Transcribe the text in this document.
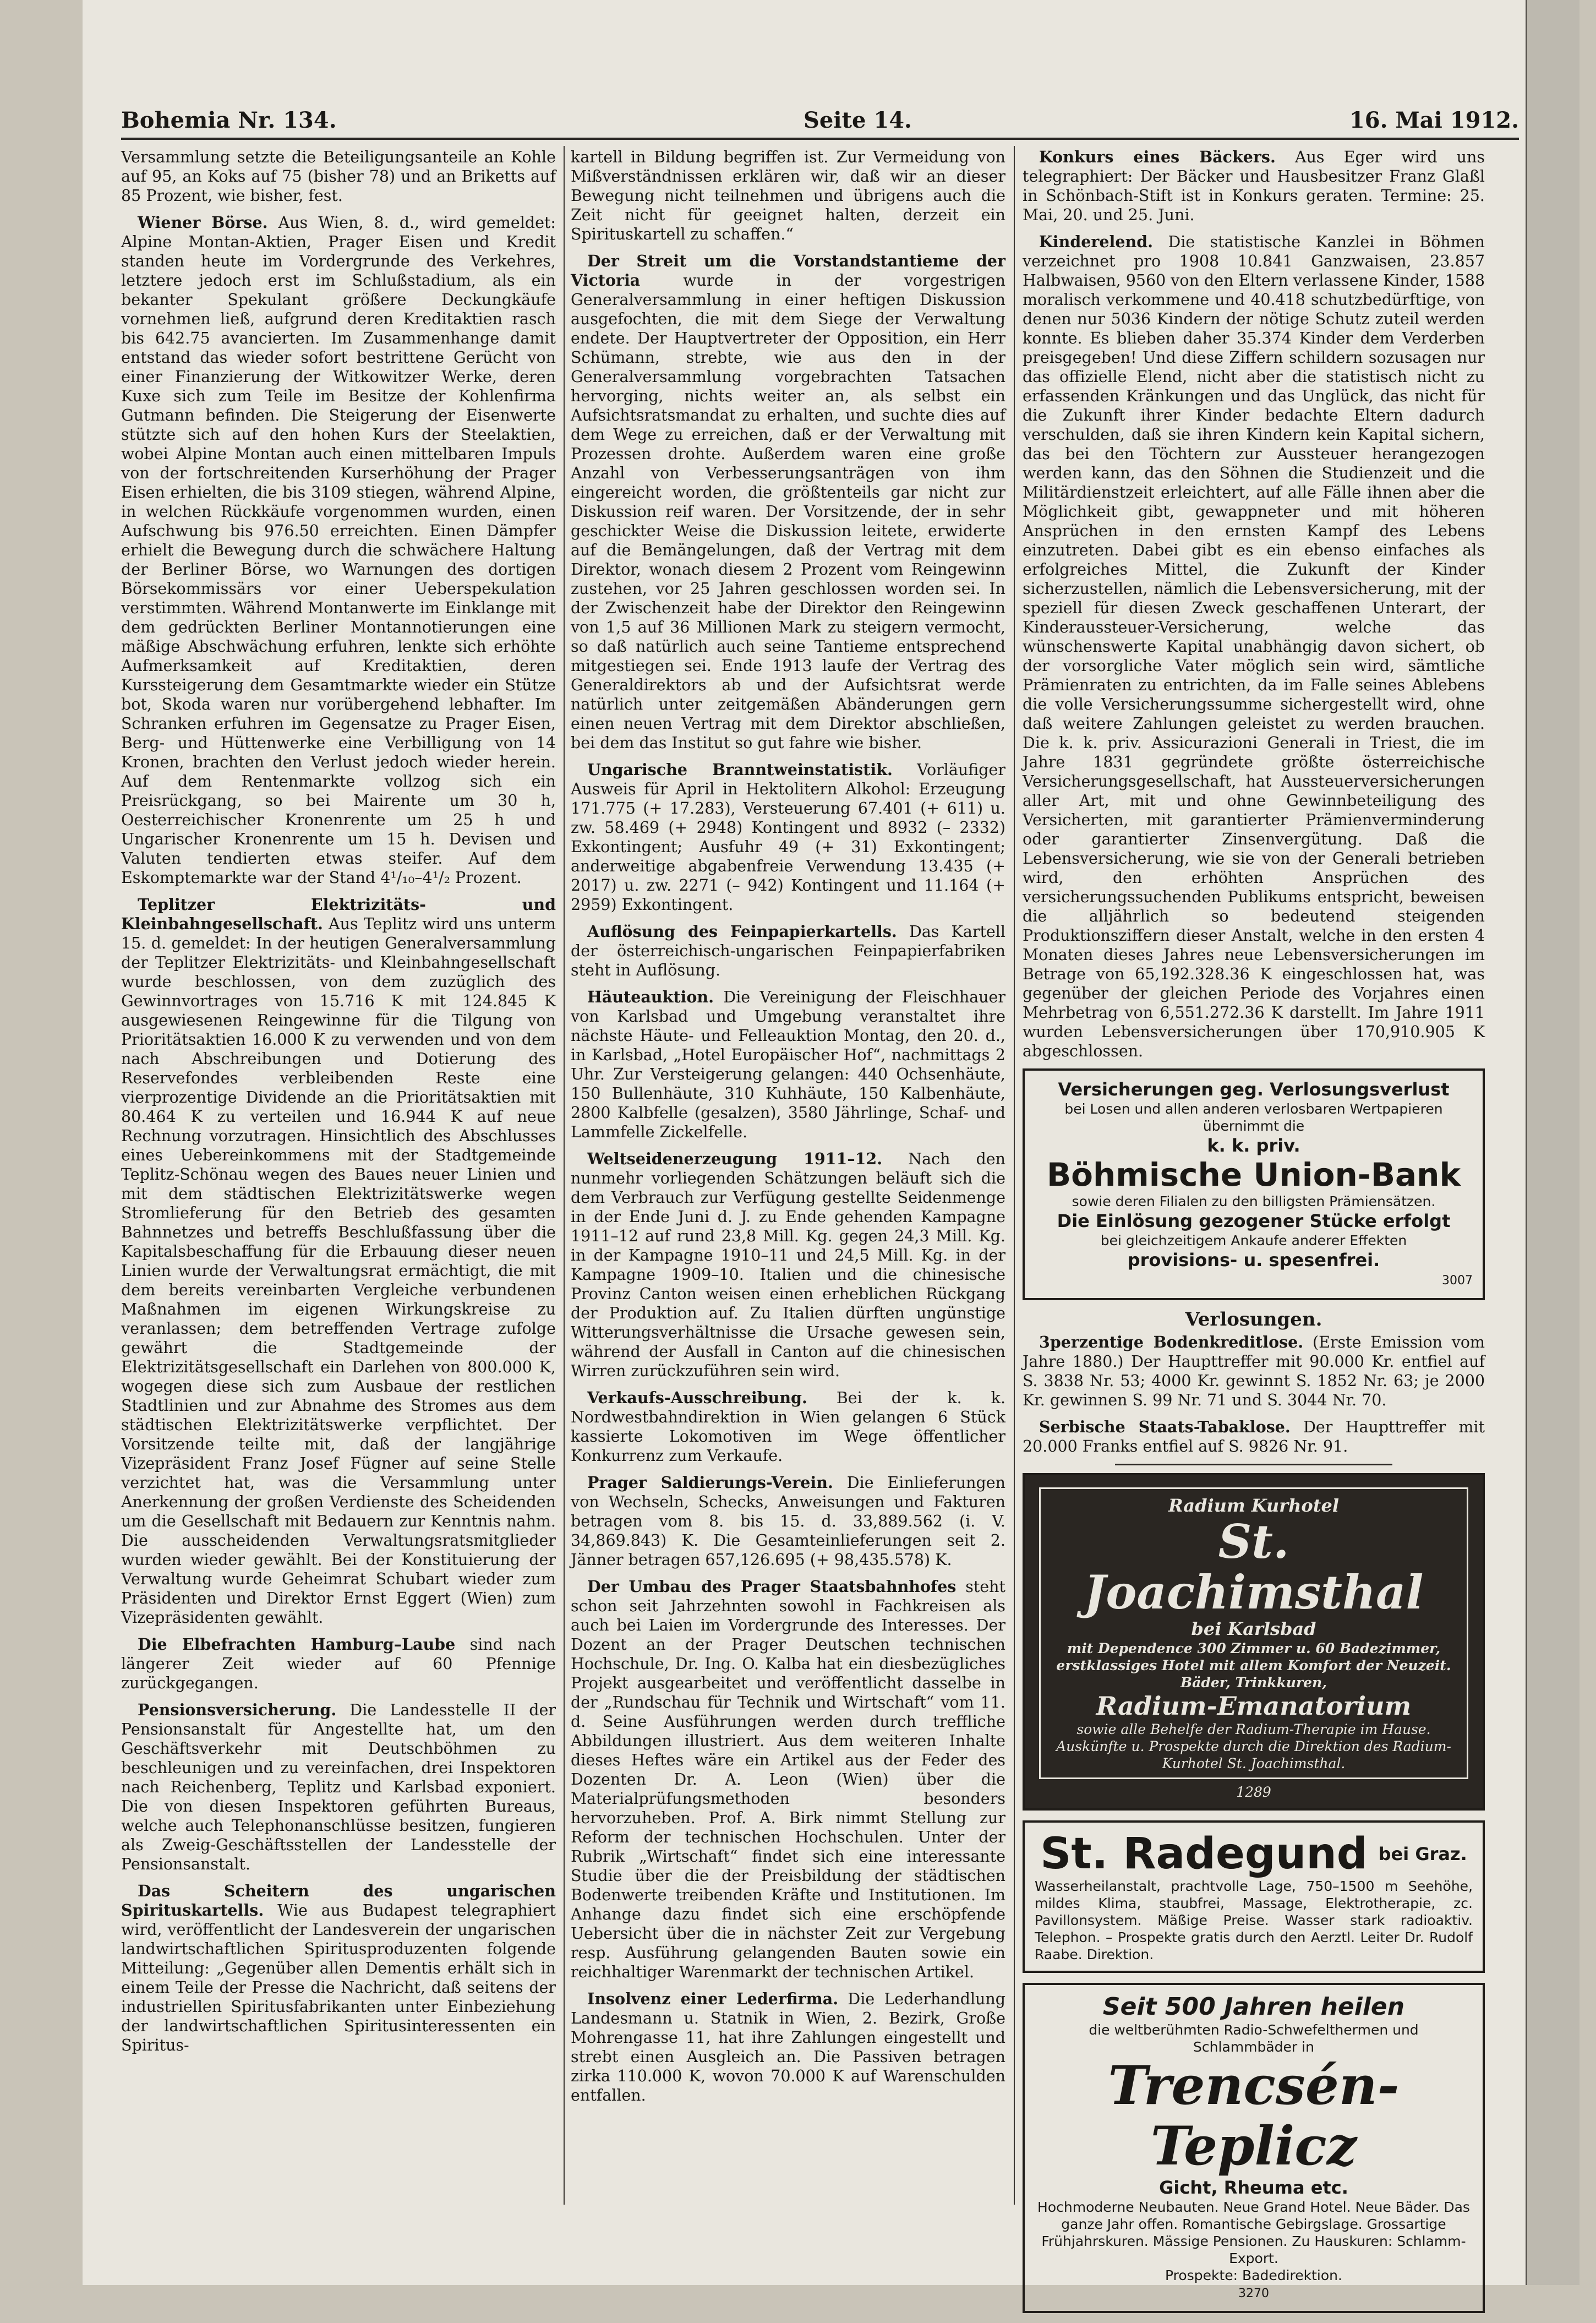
Bohemia Nr. 134.	Seite 14.	16. Mai 1912.

Versammlung setzte die Beteiligungsanteile an Kohle auf 95, an Koks auf 75 (bisher 78) und an Briketts auf 85 Prozent, wie bisher, fest.

Wiener Börse. Aus Wien, 8. d., wird gemeldet: Alpine Montan-Aktien, Prager Eisen und Kredit standen heute im Vordergrunde des Verkehres, letztere jedoch erst im Schlußstadium, als ein bekanter Spekulant größere Deckungkäufe vornehmen ließ, aufgrund deren Kreditaktien rasch bis 642.75 avancierten. Im Zusammenhange damit entstand das wieder sofort bestrittene Gerücht von einer Finanzierung der Witkowitzer Werke, deren Kuxe sich zum Teile im Besitze der Kohlenfirma Gutmann befinden. Die Steigerung der Eisenwerte stützte sich auf den hohen Kurs der Steelaktien, wobei Alpine Montan auch einen mittelbaren Impuls von der fortschreitenden Kurserhöhung der Prager Eisen erhielten, die bis 3109 stiegen, während Alpine, in welchen Rückkäufe vorgenommen wurden, einen Aufschwung bis 976.50 erreichten. Einen Dämpfer erhielt die Bewegung durch die schwächere Haltung der Berliner Börse, wo Warnungen des dortigen Börsekommissärs vor einer Ueberspekulation verstimmten. Während Montanwerte im Einklange mit dem gedrückten Berliner Montannotierungen eine mäßige Abschwächung erfuhren, lenkte sich erhöhte Aufmerksamkeit auf Kreditaktien, deren Kurssteigerung dem Gesamtmarkte wieder ein Stütze bot, Skoda waren nur vorübergehend lebhafter. Im Schranken erfuhren im Gegensatze zu Prager Eisen, Berg- und Hüttenwerke eine Verbilligung von 14 Kronen, brachten den Verlust jedoch wieder herein. Auf dem Rentenmarkte vollzog sich ein Preisrückgang, so bei Mairente um 30 h, Oesterreichischer Kronenrente um 25 h und Ungarischer Kronenrente um 15 h. Devisen und Valuten tendierten etwas steifer. Auf dem Eskomptemarkte war der Stand 4¹/₁₀–4¹/₂ Prozent.

Teplitzer Elektrizitäts- und Kleinbahngesellschaft. Aus Teplitz wird uns unterm 15. d. gemeldet: In der heutigen Generalversammlung der Teplitzer Elektrizitäts- und Kleinbahngesellschaft wurde beschlossen, von dem zuzüglich des Gewinnvortrages von 15.716 K mit 124.845 K ausgewiesenen Reingewinne für die Tilgung von Prioritätsaktien 16.000 K zu verwenden und von dem nach Abschreibungen und Dotierung des Reservefondes verbleibenden Reste eine vierprozentige Dividende an die Prioritätsaktien mit 80.464 K zu verteilen und 16.944 K auf neue Rechnung vorzutragen. Hinsichtlich des Abschlusses eines Uebereinkommens mit der Stadtgemeinde Teplitz-Schönau wegen des Baues neuer Linien und mit dem städtischen Elektrizitätswerke wegen Stromlieferung für den Betrieb des gesamten Bahnnetzes und betreffs Beschlußfassung über die Kapitalsbeschaffung für die Erbauung dieser neuen Linien wurde der Verwaltungsrat ermächtigt, die mit dem bereits vereinbarten Vergleiche verbundenen Maßnahmen im eigenen Wirkungskreise zu veranlassen; dem betreffenden Vertrage zufolge gewährt die Stadtgemeinde der Elektrizitätsgesellschaft ein Darlehen von 800.000 K, wogegen diese sich zum Ausbaue der restlichen Stadtlinien und zur Abnahme des Stromes aus dem städtischen Elektrizitätswerke verpflichtet. Der Vorsitzende teilte mit, daß der langjährige Vizepräsident Franz Josef Fügner auf seine Stelle verzichtet hat, was die Versammlung unter Anerkennung der großen Verdienste des Scheidenden um die Gesellschaft mit Bedauern zur Kenntnis nahm. Die ausscheidenden Verwaltungsratsmitglieder wurden wieder gewählt. Bei der Konstituierung der Verwaltung wurde Geheimrat Schubart wieder zum Präsidenten und Direktor Ernst Eggert (Wien) zum Vizepräsidenten gewählt.

Die Elbefrachten Hamburg–Laube sind nach längerer Zeit wieder auf 60 Pfennige zurückgegangen.

Pensionsversicherung. Die Landesstelle II der Pensionsanstalt für Angestellte hat, um den Geschäftsverkehr mit Deutschböhmen zu beschleunigen und zu vereinfachen, drei Inspektoren nach Reichenberg, Teplitz und Karlsbad exponiert. Die von diesen Inspektoren geführten Bureaus, welche auch Telephonanschlüsse besitzen, fungieren als Zweig-Geschäftsstellen der Landesstelle der Pensionsanstalt.

Das Scheitern des ungarischen Spirituskartells. Wie aus Budapest telegraphiert wird, veröffentlicht der Landesverein der ungarischen landwirtschaftlichen Spiritusproduzenten folgende Mitteilung: „Gegenüber allen Dementis erhält sich in einem Teile der Presse die Nachricht, daß seitens der industriellen Spiritusfabrikanten unter Einbeziehung der landwirtschaftlichen Spiritusinteressenten ein Spiritus-

kartell in Bildung begriffen ist. Zur Vermeidung von Mißverständnissen erklären wir, daß wir an dieser Bewegung nicht teilnehmen und übrigens auch die Zeit nicht für geeignet halten, derzeit ein Spirituskartell zu schaffen.“

Der Streit um die Vorstandstantieme der Victoria	wurde in der vorgestrigen Generalversammlung in einer heftigen Diskussion ausgefochten, die mit dem Siege der Verwaltung endete. Der Hauptvertreter der Opposition, ein Herr Schümann, strebte, wie aus den in der Generalversammlung vorgebrachten Tatsachen hervorging, nichts weiter an, als selbst ein Aufsichtsratsmandat zu erhalten, und suchte dies auf dem Wege zu erreichen, daß er der Verwaltung mit Prozessen drohte. Außerdem waren eine große Anzahl von Verbesserungsanträgen von ihm eingereicht worden, die größtenteils gar nicht zur Diskussion reif waren. Der Vorsitzende, der in sehr geschickter Weise die Diskussion leitete, erwiderte auf die Bemängelungen, daß der Vertrag mit dem Direktor, wonach diesem 2 Prozent vom Reingewinn zustehen, vor 25 Jahren geschlossen worden sei. In der Zwischenzeit habe der Direktor den Reingewinn von 1,5 auf 36 Millionen Mark zu steigern vermocht, so daß natürlich auch seine Tantieme entsprechend mitgestiegen sei. Ende 1913 laufe der Vertrag des Generaldirektors ab und der Aufsichtsrat werde natürlich unter zeitgemäßen Abänderungen gern einen neuen Vertrag mit dem Direktor abschließen, bei dem das Institut so gut fahre wie bisher.

Ungarische Branntweinstatistik. Vorläufiger Ausweis für April in Hektolitern Alkohol: Erzeugung 171.775 (+ 17.283), Versteuerung 67.401 (+ 611) u. zw. 58.469 (+ 2948) Kontingent und 8932 (– 2332) Exkontingent; Ausfuhr 49 (+ 31) Exkontingent; anderweitige abgabenfreie Verwendung 13.435 (+ 2017) u. zw. 2271 (– 942) Kontingent und 11.164 (+ 2959) Exkontingent.

Auflösung des Feinpapierkartells. Das Kartell der österreichisch-ungarischen Feinpapierfabriken steht in Auflösung.

Häuteauktion. Die Vereinigung der Fleischhauer von Karlsbad und Umgebung veranstaltet ihre nächste Häute- und Felleauktion Montag, den 20. d., in Karlsbad, „Hotel Europäischer Hof“, nachmittags 2 Uhr. Zur Versteigerung gelangen: 440 Ochsenhäute, 150 Bullenhäute, 310 Kuhhäute, 150 Kalbenhäute, 2800 Kalbfelle (gesalzen), 3580 Jährlinge, Schaf- und Lammfelle Zickelfelle.

Weltseidenerzeugung 1911–12. Nach den nunmehr vorliegenden Schätzungen beläuft sich die dem Verbrauch zur Verfügung gestellte Seidenmenge in der Ende Juni d. J. zu Ende gehenden Kampagne 1911–12 auf rund 23,8 Mill. Kg. gegen 24,3 Mill. Kg. in der Kampagne 1910–11 und 24,5 Mill. Kg. in der Kampagne 1909–10. Italien und die chinesische Provinz Canton weisen einen erheblichen Rückgang der Produktion auf. Zu Italien dürften ungünstige Witterungsverhältnisse die Ursache gewesen sein, während der Ausfall in Canton auf die chinesischen Wirren zurückzuführen sein wird.

Verkaufs-Ausschreibung. Bei der k. k. Nordwestbahndirektion in Wien gelangen 6 Stück kassierte Lokomotiven im Wege öffentlicher Konkurrenz zum Verkaufe.

Prager Saldierungs-Verein. Die Einlieferungen von Wechseln, Schecks, Anweisungen und Fakturen betragen vom 8. bis 15. d. 33,889.562 (i. V. 34,869.843) K. Die Gesamteinlieferungen seit 2. Jänner betragen 657,126.695 (+ 98,435.578) K.

Der Umbau des Prager Staatsbahnhofes steht schon seit Jahrzehnten sowohl in Fachkreisen als auch bei Laien im Vordergrunde des Interesses. Der Dozent an der Prager Deutschen technischen Hochschule, Dr. Ing. O. Kalba hat ein diesbezügliches Projekt ausgearbeitet und veröffentlicht dasselbe in der „Rundschau für Technik und Wirtschaft“ vom 11. d. Seine Ausführungen werden durch treffliche Abbildungen illustriert. Aus dem weiteren Inhalte dieses Heftes wäre ein Artikel aus der Feder des Dozenten Dr. A. Leon (Wien) über die Materialprüfungsmethoden besonders hervorzuheben. Prof. A. Birk nimmt Stellung zur Reform der technischen Hochschulen. Unter der Rubrik „Wirtschaft“ findet sich eine interessante Studie über die der Preisbildung der städtischen Bodenwerte treibenden Kräfte und Institutionen. Im Anhange dazu findet sich eine erschöpfende Uebersicht über die in nächster Zeit zur Vergebung resp. Ausführung gelangenden Bauten sowie ein reichhaltiger Warenmarkt der technischen Artikel.

Insolvenz einer Lederfirma. Die Lederhandlung Landesmann u. Statnik in Wien, 2. Bezirk, Große Mohrengasse 11, hat ihre Zahlungen eingestellt und strebt einen Ausgleich an. Die Passiven betragen zirka 110.000 K, wovon 70.000 K auf Warenschulden entfallen.

Konkurs eines Bäckers. Aus Eger wird uns telegraphiert: Der Bäcker und Hausbesitzer Franz Glaßl in Schönbach-Stift ist in Konkurs geraten. Termine: 25. Mai, 20. und 25. Juni.

Kinderelend. Die statistische Kanzlei in Böhmen verzeichnet pro 1908 10.841 Ganzwaisen, 23.857 Halbwaisen, 9560 von den Eltern verlassene Kinder, 1588 moralisch verkommene und 40.418 schutzbedürftige, von denen nur 5036 Kindern der nötige Schutz zuteil werden konnte. Es blieben daher 35.374 Kinder dem Verderben preisgegeben! Und diese Ziffern schildern sozusagen nur das offizielle Elend, nicht aber die statistisch nicht zu erfassenden Kränkungen und das Unglück, das nicht für die Zukunft ihrer Kinder bedachte Eltern dadurch verschulden, daß sie ihren Kindern kein Kapital sichern, das bei den Töchtern zur Aussteuer herangezogen werden kann, das den Söhnen die Studienzeit und die Militärdienstzeit erleichtert, auf alle Fälle ihnen aber die Möglichkeit gibt, gewappneter und mit höheren Ansprüchen in den ernsten Kampf des Lebens einzutreten. Dabei gibt es ein ebenso einfaches als erfolgreiches Mittel, die Zukunft der Kinder sicherzustellen, nämlich die Lebensversicherung, mit der speziell für diesen Zweck geschaffenen Unterart, der Kinderaussteuer-Versicherung, welche das wünschenswerte Kapital unabhängig davon sichert, ob der vorsorgliche Vater möglich sein wird, sämtliche Prämienraten zu entrichten, da im Falle seines Ablebens die volle Versicherungssumme sichergestellt wird, ohne daß weitere Zahlungen geleistet zu werden brauchen. Die k. k. priv. Assicurazioni Generali in Triest, die im Jahre 1831 gegründete größte österreichische Versicherungsgesellschaft, hat Aussteuerversicherungen aller Art, mit und ohne Gewinnbeteiligung des Versicherten, mit garantierter Prämienverminderung oder garantierter Zinsenvergütung. Daß die Lebensversicherung, wie sie von der Generali betrieben wird, den erhöhten Ansprüchen des versicherungssuchenden Publikums entspricht, beweisen die alljährlich so bedeutend steigenden Produktionsziffern dieser Anstalt, welche in den ersten 4 Monaten dieses Jahres neue Lebensversicherungen im Betrage von 65,192.328.36 K eingeschlossen hat, was gegenüber der gleichen Periode des Vorjahres einen Mehrbetrag von 6,551.272.36 K darstellt. Im Jahre 1911 wurden Lebensversicherungen über 170,910.905 K abgeschlossen.

Versicherungen geg. Verlosungsverlust
bei Losen und allen anderen verlosbaren Wertpapieren übernimmt die
k. k. priv.
Böhmische Union-Bank
sowie deren Filialen zu den billigsten Prämiensätzen.
Die Einlösung gezogener Stücke erfolgt
bei gleichzeitigem Ankaufe anderer Effekten
provisions- u. spesenfrei.
3007
Verlosungen.

3perzentige Bodenkreditlose. (Erste Emission vom Jahre 1880.) Der Haupttreffer mit 90.000 Kr. entfiel auf S. 3838 Nr. 53; 4000 Kr. gewinnt S. 1852 Nr. 63; je 2000 Kr. gewinnen S. 99 Nr. 71 und S. 3044 Nr. 70.

Serbische Staats-Tabaklose. Der Haupttreffer mit 20.000 Franks entfiel auf S. 9826 Nr. 91.

Radium Kurhotel
St. Joachimsthal
bei Karlsbad
mit Dependence 300 Zimmer u. 60 Badezimmer, erstklassiges Hotel mit allem Komfort der Neuzeit. Bäder, Trinkkuren,
Radium-Emanatorium
sowie alle Behelfe der Radium-Therapie im Hause. Auskünfte u. Prospekte durch die Direktion des Radium-Kurhotel St. Joachimsthal.
1289
St. Radegund bei Graz.
Wasserheilanstalt, prachtvolle Lage, 750–1500 m Seehöhe, mildes Klima, staubfrei, Massage, Elektrotherapie, zc. Pavillonsystem. Mäßige Preise. Wasser stark radioaktiv. Telephon. – Prospekte gratis durch den Aerztl. Leiter Dr. Rudolf Raabe. Direktion.
Seit 500 Jahren heilen
die weltberühmten Radio-Schwefelthermen und Schlammbäder in
Trencsén-Teplicz
Gicht, Rheuma etc.
Hochmoderne Neubauten. Neue Grand Hotel. Neue Bäder. Das ganze Jahr offen. Romantische Gebirgslage. Grossartige Frühjahrskuren. Mässige Pensionen. Zu Hauskuren: Schlamm-Export.
Prospekte: Badedirektion.
3270
